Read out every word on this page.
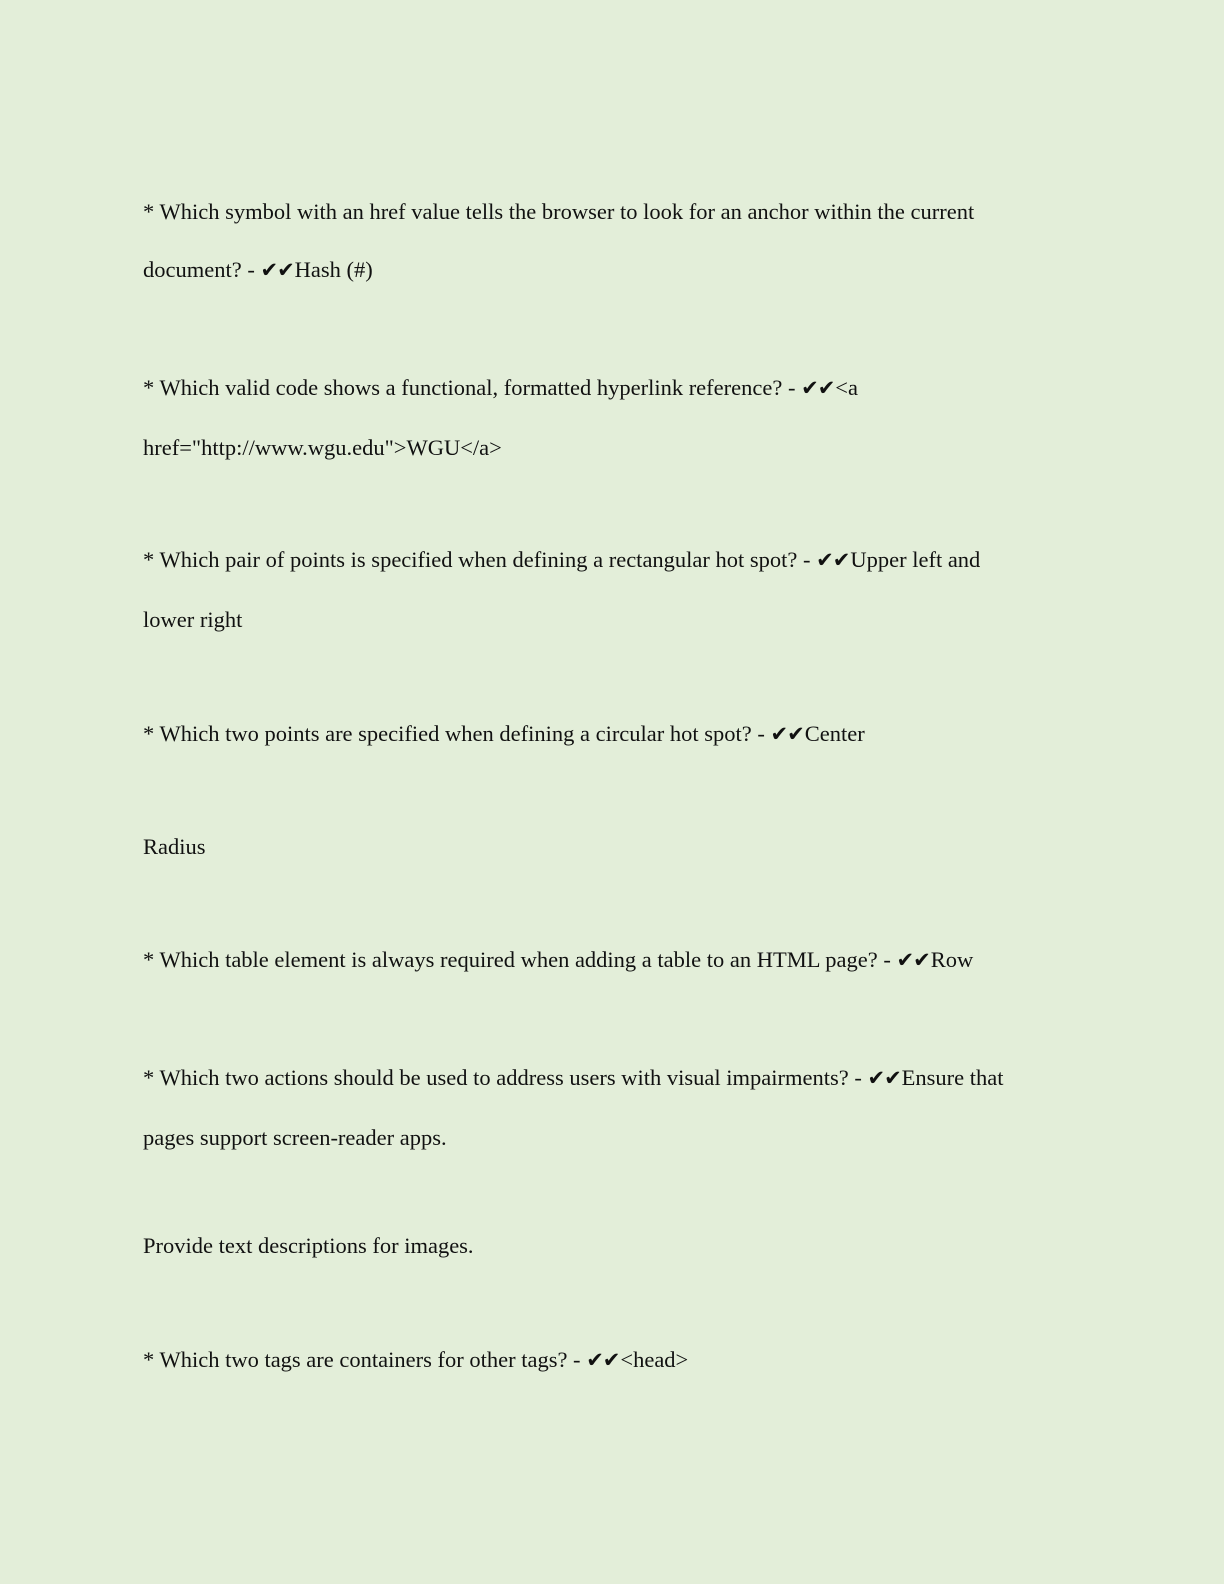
* Which symbol with an href value tells the browser to look for an anchor within the current
document? - ✔✔Hash (#)
* Which valid code shows a functional, formatted hyperlink reference? - ✔✔<a
href="http://www.wgu.edu">WGU</a>
* Which pair of points is specified when defining a rectangular hot spot? - ✔✔Upper left and
lower right
* Which two points are specified when defining a circular hot spot? - ✔✔Center
Radius
* Which table element is always required when adding a table to an HTML page? - ✔✔Row
* Which two actions should be used to address users with visual impairments? - ✔✔Ensure that
pages support screen-reader apps.
Provide text descriptions for images.
* Which two tags are containers for other tags? - ✔✔<head>
